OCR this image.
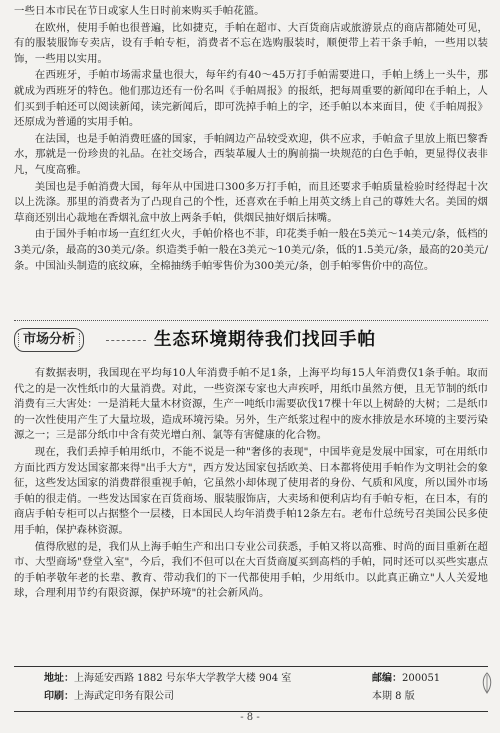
一些日本市民在节日或家人生日时前来购买手帕花篮。

在欧州，使用手帕也很普遍，比如捷克，手帕在超市、大百货商店或旅游景点的商店都随处可见，有的服装服饰专卖店，设有手帕专柜，消费者不忘在选购服装时，顺便带上若干条手帕，一些用以装饰，一些用以实用。

在西班牙，手帕市场需求量也很大，每年约有40～45万打手帕需要进口，手帕上绣上一头牛，那就成为西班牙的特色。他们那边还有一份名叫《手帕周报》的报纸，把每周重要的新闻印在手帕上，人们买到手帕还可以阅读新闻，读完新闻后，即可洗掉手帕上的字，还手帕以本来面目，使《手帕周报》还原成为普通的实用手帕。

在法国，也是手帕消费旺盛的国家，手帕阔边产品较受欢迎，供不应求，手帕盒子里放上瓶巴黎香水，那就是一份珍贵的礼品。在社交场合，西装革履人士的胸前揣一块规范的白色手帕，更显得仪表非凡，气度高雅。

美国也是手帕消费大国，每年从中国进口300多万打手帕，而且还要求手帕质量检验时经得起十次以上洗涤。那里的消费者为了凸现自己的个性，还喜欢在手帕上用英文绣上自己的尊姓大名。美国的烟草商还别出心裁地在香烟礼盒中放上两条手帕，供烟民抽好烟后抹嘴。

由于国外手帕市场一直红红火火，手帕价格也不菲，印花类手帕一般在5美元～14美元/条，低档的3美元/条，最高的30美元/条。织造类手帕一般在3美元～10美元/条，低的1.5美元/条，最高的20美元/条。中国汕头制造的底纹麻，全棉抽绣手帕零售价为300美元/条，创手帕零售价中的高位。

市场分析	生态环境期待我们找回手帕

有数据表明，我国现在平均每10人年消费手帕不足1条，上海平均每15人年消费仅1条手帕。取而代之的是一次性纸巾的大量消费。对此，一些资深专家也大声疾呼，用纸巾虽然方便，且无节制的纸巾消费有三大害处：一是消耗大量木材资源，生产一吨纸巾需要砍伐17棵十年以上树龄的大树；二是纸巾的一次性使用产生了大量垃圾，造成环境污染。另外，生产纸浆过程中的废水排放是水环境的主要污染源之一；三是部分纸巾中含有荧光增白剂、氯等有害健康的化合物。

现在，我们丢掉手帕用纸巾，不能不说是一种"奢侈的表现"，中国毕竟是发展中国家，可在用纸巾方面比西方发达国家都来得"出手大方"，西方发达国家包括欧美、日本都将使用手帕作为文明社会的象征，这些发达国家的消费群很重视手帕，它虽然小却体现了使用者的身份、气质和风度，所以国外市场手帕的很走俏。一些发达国家在百货商场、服装服饰店，大卖场和便利店均有手帕专柜，在日本，有的商店手帕专柜可以占据整个一层楼，日本国民人均年消费手帕12条左右。老布什总统号召美国公民多使用手帕，保护森林资源。

值得欣慰的是，我们从上海手帕生产和出口专业公司获悉，手帕又将以高雅、时尚的面目重新在超市、大型商场"登堂入室"，今后，我们不但可以在大百货商厦买到高档的手帕，同时还可以买些实惠点的手帕孝敬年老的长辈、教育、带动我们的下一代都使用手帕，少用纸巾。以此真正确立"人人关爱地球，合理利用节约有限资源，保护环境"的社会新风尚。

地址：上海延安西路 1882 号东华大学教学大楼 904 室
印刷：上海武定印务有限公司
邮编：200051
本期 8 版
- 8 -
